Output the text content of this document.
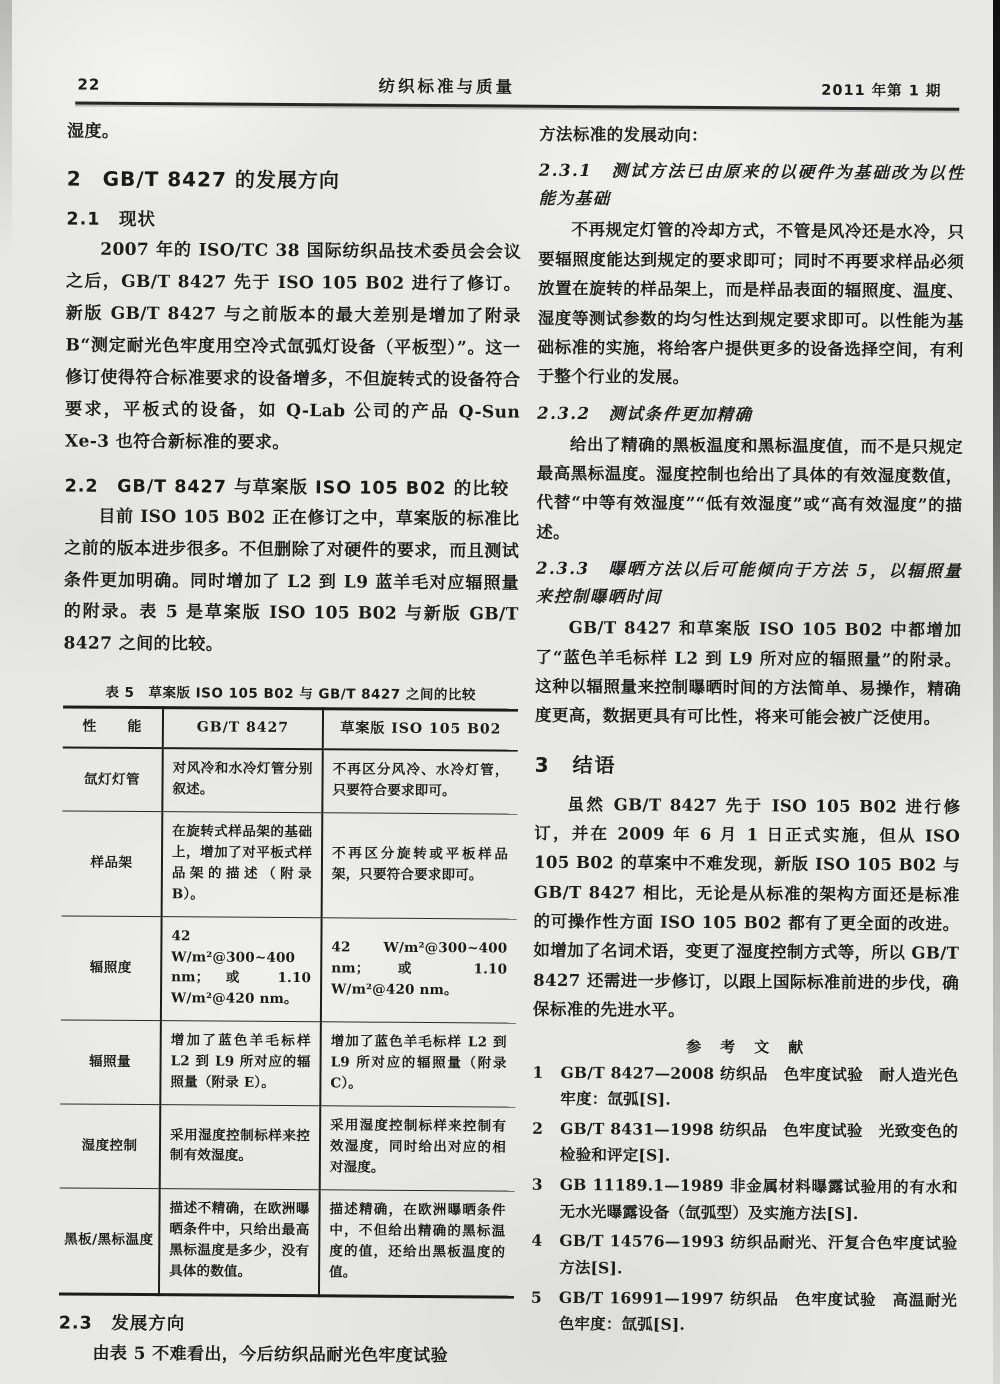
22	纺织标准与质量	2011 年第 1 期

湿度。

2　GB/T 8427 的发展方向
2.1　现状

2007 年的 ISO/TC 38 国际纺织品技术委员会会议之后，GB/T 8427 先于 ISO 105 B02 进行了修订。新版 GB/T 8427 与之前版本的最大差别是增加了附录 B“测定耐光色牢度用空冷式氙弧灯设备（平板型）”。这一修订使得符合标准要求的设备增多，不但旋转式的设备符合要求，平板式的设备，如 Q-Lab 公司的产品 Q-Sun Xe-3 也符合新标准的要求。

2.2　GB/T 8427 与草案版 ISO 105 B02 的比较

目前 ISO 105 B02 正在修订之中，草案版的标准比之前的版本进步很多。不但删除了对硬件的要求，而且测试条件更加明确。同时增加了 L2 到 L9 蓝羊毛对应辐照量的附录。表 5 是草案版 ISO 105 B02 与新版 GB/T 8427 之间的比较。

表 5　草案版 ISO 105 B02 与 GB/T 8427 之间的比较
性　　能	GB/T 8427	草案版 ISO 105 B02
氙灯灯管	对风冷和水冷灯管分别叙述。	不再区分风冷、水冷灯管，只要符合要求即可。
样品架	在旋转式样品架的基础上，增加了对平板式样品架的描述（附录 B）。	不再区分旋转或平板样品架，只要符合要求即可。
辐照度	42 W/m²@300~400 nm；或 1.10 W/m²@420 nm。	42 W/m²@300~400 nm；或 1.10 W/m²@420 nm。
辐照量	增加了蓝色羊毛标样 L2 到 L9 所对应的辐照量（附录 E）。	增加了蓝色羊毛标样 L2 到 L9 所对应的辐照量（附录 C）。
湿度控制	采用湿度控制标样来控制有效湿度。	采用湿度控制标样来控制有效湿度，同时给出对应的相对湿度。
黑板/黑标温度	描述不精确，在欧洲曝晒条件中，只给出最高黑标温度是多少，没有具体的数值。	描述精确，在欧洲曝晒条件中，不但给出精确的黑标温度的值，还给出黑板温度的值。
2.3　发展方向

由表 5 不难看出，今后纺织品耐光色牢度试验

方法标准的发展动向：

2.3.1　测试方法已由原来的以硬件为基础改为以性能为基础

不再规定灯管的冷却方式，不管是风冷还是水冷，只要辐照度能达到规定的要求即可；同时不再要求样品必须放置在旋转的样品架上，而是样品表面的辐照度、温度、湿度等测试参数的均匀性达到规定要求即可。以性能为基础标准的实施，将给客户提供更多的设备选择空间，有利于整个行业的发展。

2.3.2　测试条件更加精确

给出了精确的黑板温度和黑标温度值，而不是只规定最高黑标温度。湿度控制也给出了具体的有效湿度数值，代替“中等有效湿度”“低有效湿度”或“高有效湿度”的描述。

2.3.3　曝晒方法以后可能倾向于方法 5，以辐照量来控制曝晒时间

GB/T 8427 和草案版 ISO 105 B02 中都增加了“蓝色羊毛标样 L2 到 L9 所对应的辐照量”的附录。这种以辐照量来控制曝晒时间的方法简单、易操作，精确度更高，数据更具有可比性，将来可能会被广泛使用。

3　结语

虽然 GB/T 8427 先于 ISO 105 B02 进行修订，并在 2009 年 6 月 1 日正式实施，但从 ISO 105 B02 的草案中不难发现，新版 ISO 105 B02 与 GB/T 8427 相比，无论是从标准的架构方面还是标准的可操作性方面 ISO 105 B02 都有了更全面的改进。如增加了名词术语，变更了湿度控制方式等，所以 GB/T 8427 还需进一步修订，以跟上国际标准前进的步伐，确保标准的先进水平。

参　考　文　献
1	GB/T 8427—2008 纺织品　色牢度试验　耐人造光色牢度：氙弧[S].
2	GB/T 8431—1998 纺织品　色牢度试验　光致变色的检验和评定[S].
3	GB 11189.1—1989 非金属材料曝露试验用的有水和无水光曝露设备（氙弧型）及实施方法[S].
4	GB/T 14576—1993 纺织品耐光、汗复合色牢度试验方法[S].
5	GB/T 16991—1997 纺织品　色牢度试验　高温耐光色牢度：氙弧[S].
